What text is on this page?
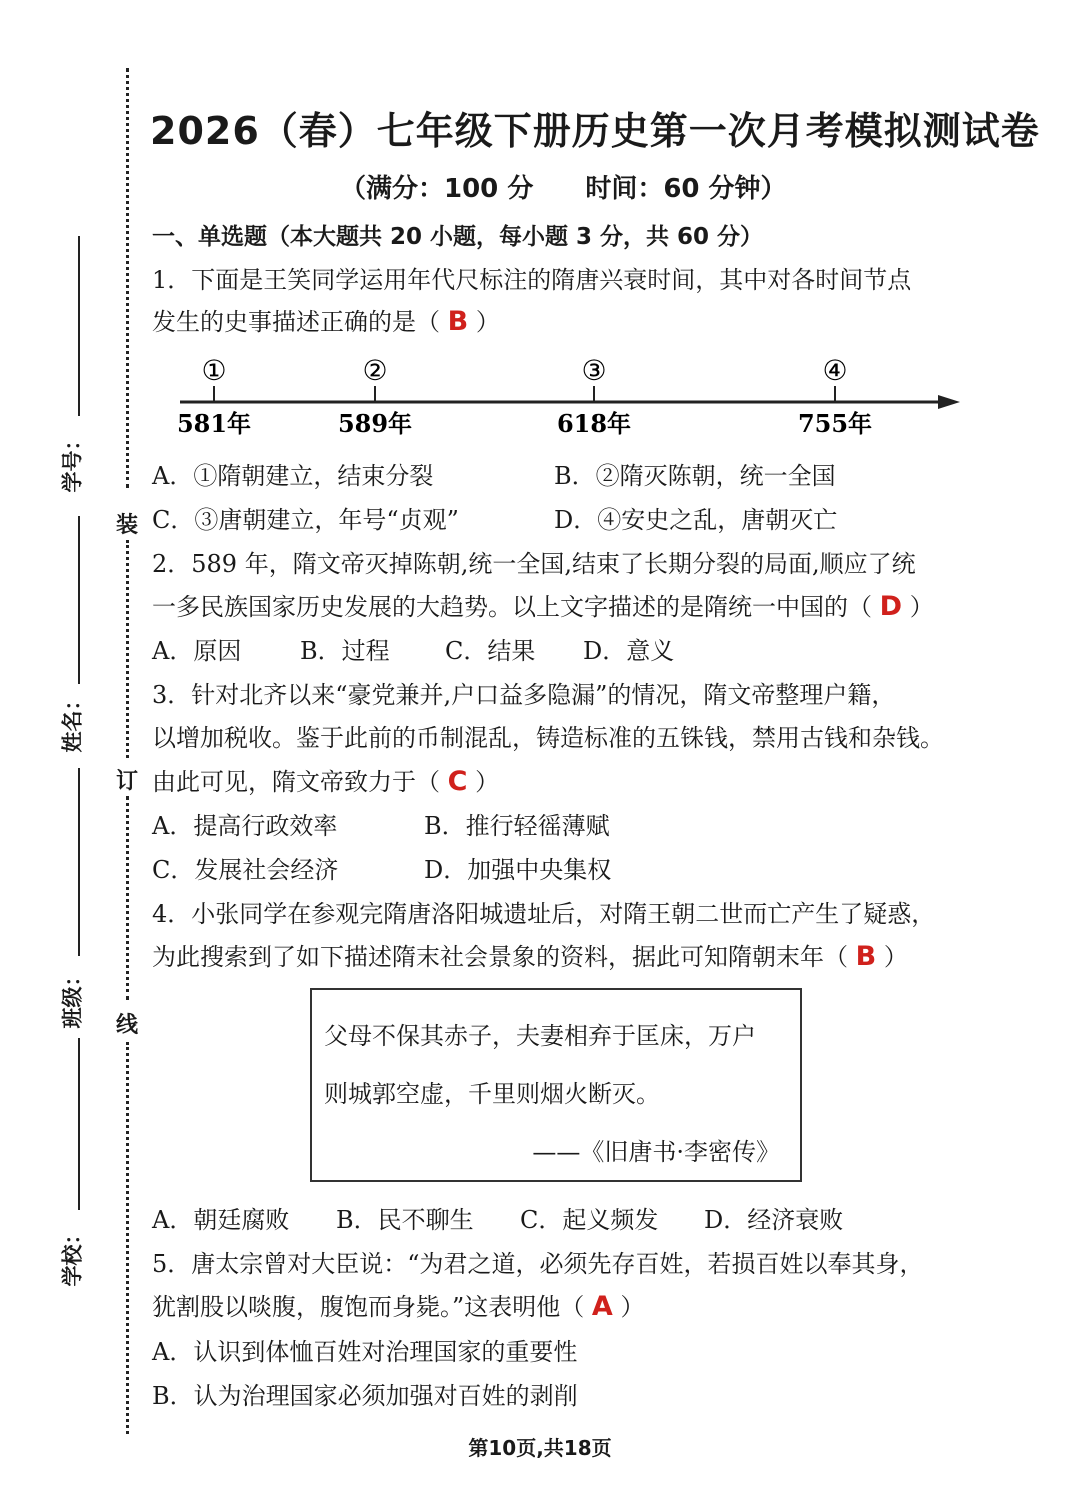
装
订
线
学号：
姓名：
班级：
学校：
2026（春）七年级下册历史第一次月考模拟测试卷
（满分：100 分　　时间：60 分钟）
一、单选题（本大题共 20 小题，每小题 3 分，共 60 分）
1．下面是王笑同学运用年代尺标注的隋唐兴衰时间，其中对各时间节点
发生的史事描述正确的是（ B ）
①	②	③	④
581年	589年	618年	755年
A．①隋朝建立，结束分裂	B．②隋灭陈朝，统一全国
C．③唐朝建立，年号“贞观”	D．④安史之乱，唐朝灭亡
2．589 年，隋文帝灭掉陈朝,统一全国,结束了长期分裂的局面,顺应了统
一多民族国家历史发展的大趋势。以上文字描述的是隋统一中国的（ D ）
A．原因 B．过程 C．结果 D．意义
3．针对北齐以来“豪党兼并,户口益多隐漏”的情况，隋文帝整理户籍，
以增加税收。鉴于此前的币制混乱，铸造标准的五铢钱，禁用古钱和杂钱。
由此可见，隋文帝致力于（ C ）
A．提高行政效率	B．推行轻徭薄赋
C．发展社会经济	D．加强中央集权
4．小张同学在参观完隋唐洛阳城遗址后，对隋王朝二世而亡产生了疑惑，
为此搜索到了如下描述隋末社会景象的资料，据此可知隋朝末年（ B ）
父母不保其赤子，夫妻相弃于匡床，万户
则城郭空虚，千里则烟火断灭。
——《旧唐书·李密传》
A．朝廷腐败 B．民不聊生 C．起义频发 D．经济衰败
5．唐太宗曾对大臣说：“为君之道，必须先存百姓，若损百姓以奉其身，
犹割股以啖腹，腹饱而身毙。”这表明他（ A ）
A．认识到体恤百姓对治理国家的重要性
B．认为治理国家必须加强对百姓的剥削
第10页,共18页
